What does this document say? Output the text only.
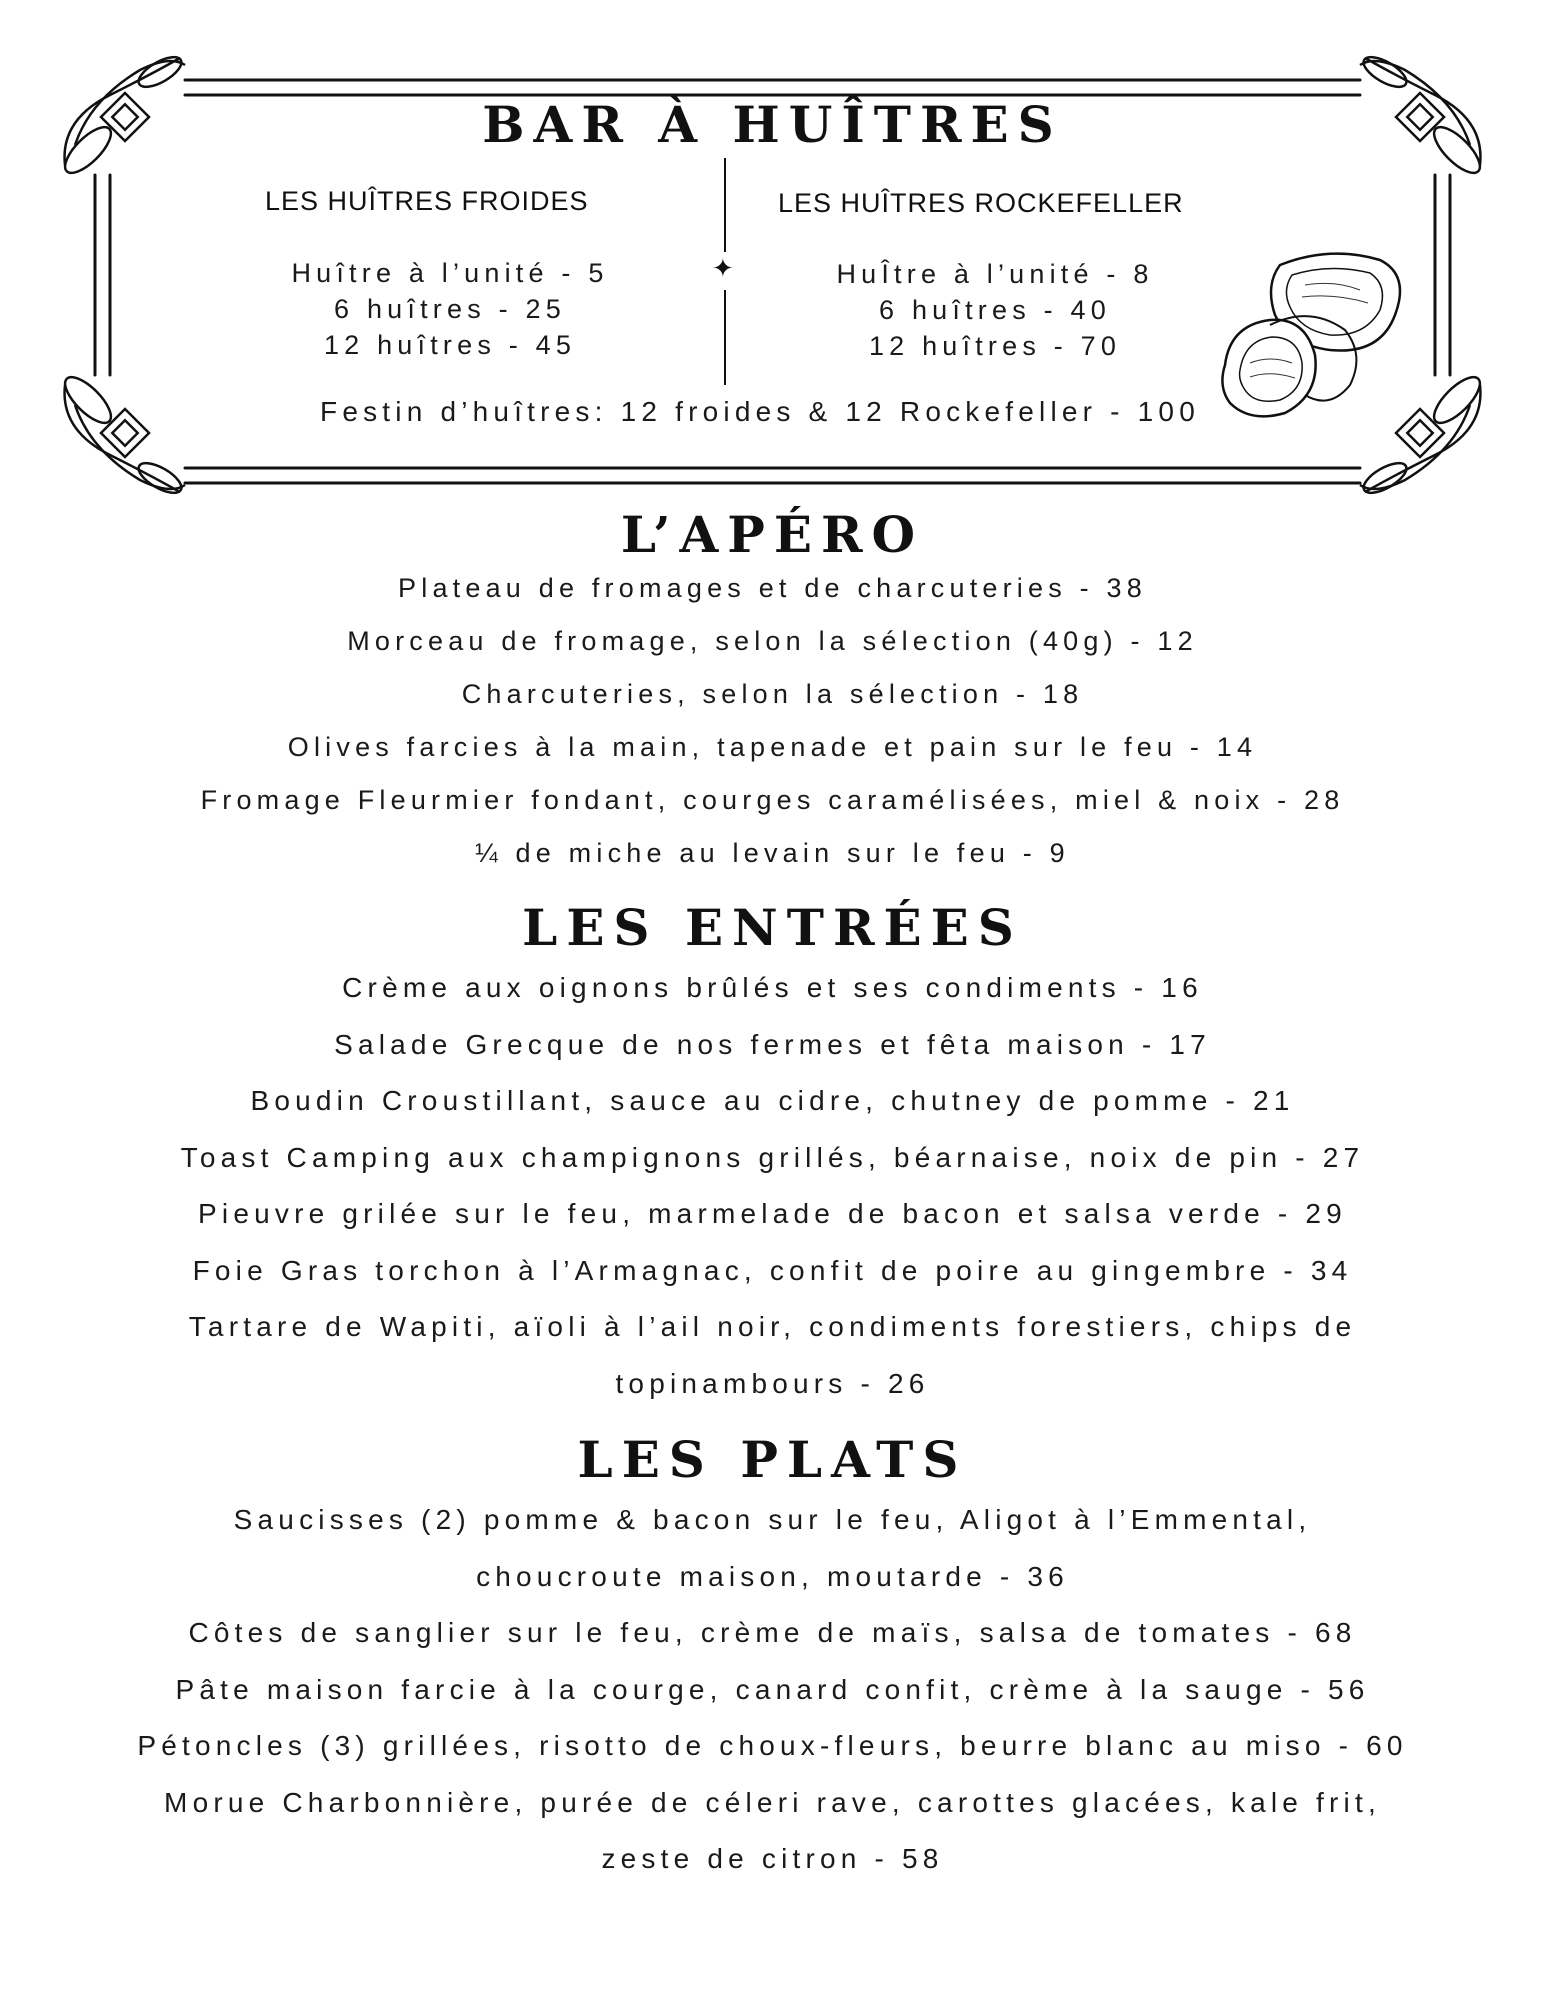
BAR À HUÎTRES
LES HUÎTRES FROIDES
Huître à l’unité - 5
6 huîtres - 25
12 huîtres - 45
✦
LES HUÎTRES ROCKEFELLER
HuÎtre à l’unité - 8
6 huîtres - 40
12 huîtres - 70
Festin d’huîtres: 12 froides & 12 Rockefeller - 100
L’APÉRO
Plateau de fromages et de charcuteries - 38
Morceau de fromage, selon la sélection (40g) - 12
Charcuteries, selon la sélection - 18
Olives farcies à la main, tapenade et pain sur le feu - 14
Fromage Fleurmier fondant, courges caramélisées, miel & noix - 28
¼ de miche au levain sur le feu - 9
LES ENTRÉES
Crème aux oignons brûlés et ses condiments - 16
Salade Grecque de nos fermes et fêta maison - 17
Boudin Croustillant, sauce au cidre, chutney de pomme - 21
Toast Camping aux champignons grillés, béarnaise, noix de pin - 27
Pieuvre grilée sur le feu, marmelade de bacon et salsa verde - 29
Foie Gras torchon à l’Armagnac, confit de poire au gingembre - 34
Tartare de Wapiti, aïoli à l’ail noir, condiments forestiers, chips de
topinambours - 26
LES PLATS
Saucisses (2) pomme & bacon sur le feu, Aligot à l’Emmental,
choucroute maison, moutarde - 36
Côtes de sanglier sur le feu, crème de maïs, salsa de tomates - 68
Pâte maison farcie à la courge, canard confit, crème à la sauge - 56
Pétoncles (3) grillées, risotto de choux-fleurs, beurre blanc au miso - 60
Morue Charbonnière, purée de céleri rave, carottes glacées, kale frit,
zeste de citron - 58
